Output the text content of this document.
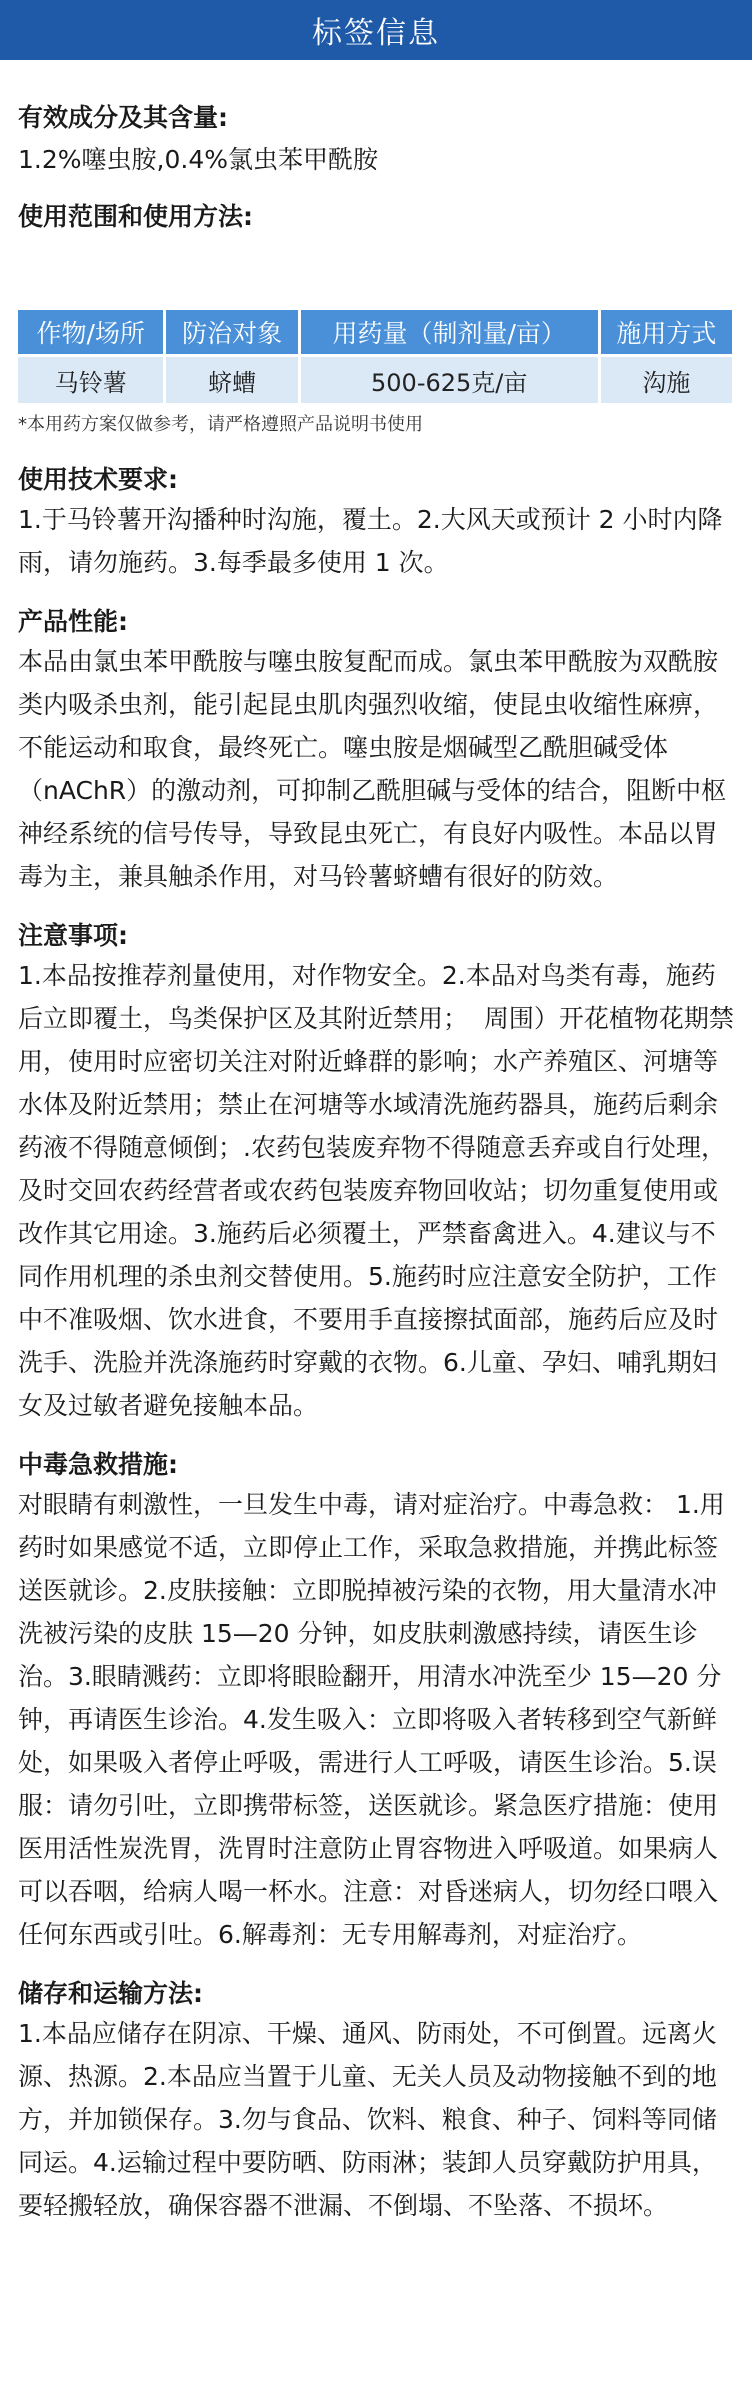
标签信息

有效成分及其含量:

1.2%噻虫胺,0.4%氯虫苯甲酰胺

使用范围和使用方法:

作物/场所	防治对象	用药量（制剂量/亩）	施用方式
马铃薯	蛴螬	500-625克/亩	沟施
*本用药方案仅做参考，请严格遵照产品说明书使用

使用技术要求:

1.于马铃薯开沟播种时沟施，覆土。2.大风天或预计 2 小时内降雨，请勿施药。3.每季最多使用 1 次。

产品性能:

本品由氯虫苯甲酰胺与噻虫胺复配而成。氯虫苯甲酰胺为双酰胺类内吸杀虫剂，能引起昆虫肌肉强烈收缩，使昆虫收缩性麻痹，不能运动和取食，最终死亡。噻虫胺是烟碱型乙酰胆碱受体（nAChR）的激动剂，可抑制乙酰胆碱与受体的结合，阻断中枢神经系统的信号传导，导致昆虫死亡，有良好内吸性。本品以胃毒为主，兼具触杀作用，对马铃薯蛴螬有很好的防效。

注意事项:

1.本品按推荐剂量使用，对作物安全。2.本品对鸟类有毒，施药后立即覆土，鸟类保护区及其附近禁用；  周围）开花植物花期禁用，使用时应密切关注对附近蜂群的影响；水产养殖区、河塘等水体及附近禁用；禁止在河塘等水域清洗施药器具，施药后剩余药液不得随意倾倒；.农药包装废弃物不得随意丢弃或自行处理，及时交回农药经营者或农药包装废弃物回收站；切勿重复使用或改作其它用途。3.施药后必须覆土，严禁畜禽进入。4.建议与不同作用机理的杀虫剂交替使用。5.施药时应注意安全防护，工作中不准吸烟、饮水进食，不要用手直接擦拭面部，施药后应及时洗手、洗脸并洗涤施药时穿戴的衣物。6.儿童、孕妇、哺乳期妇女及过敏者避免接触本品。

中毒急救措施:

对眼睛有刺激性，一旦发生中毒，请对症治疗。中毒急救： 1.用药时如果感觉不适，立即停止工作，采取急救措施，并携此标签送医就诊。2.皮肤接触：立即脱掉被污染的衣物，用大量清水冲洗被污染的皮肤 15—20 分钟，如皮肤刺激感持续，请医生诊治。3.眼睛溅药：立即将眼睑翻开，用清水冲洗至少 15—20 分钟，再请医生诊治。4.发生吸入：立即将吸入者转移到空气新鲜处，如果吸入者停止呼吸，需进行人工呼吸，请医生诊治。5.误服：请勿引吐，立即携带标签，送医就诊。紧急医疗措施：使用医用活性炭洗胃，洗胃时注意防止胃容物进入呼吸道。如果病人可以吞咽，给病人喝一杯水。注意：对昏迷病人，切勿经口喂入任何东西或引吐。6.解毒剂：无专用解毒剂，对症治疗。

储存和运输方法:

1.本品应储存在阴凉、干燥、通风、防雨处，不可倒置。远离火源、热源。2.本品应当置于儿童、无关人员及动物接触不到的地方，并加锁保存。3.勿与食品、饮料、粮食、种子、饲料等同储同运。4.运输过程中要防晒、防雨淋；装卸人员穿戴防护用具，要轻搬轻放，确保容器不泄漏、不倒塌、不坠落、不损坏。
